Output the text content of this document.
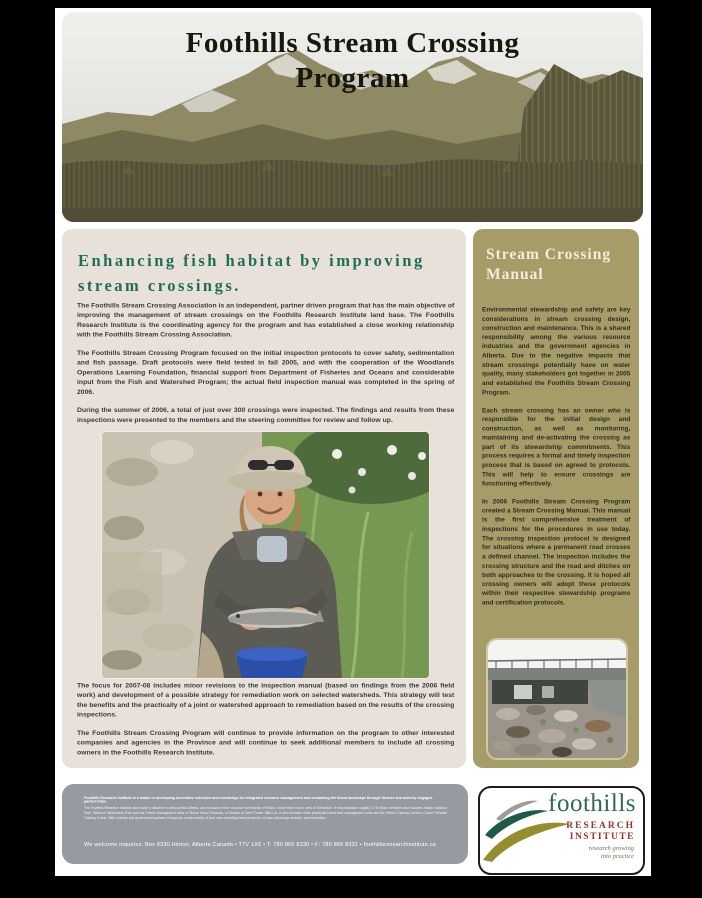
Foothills Stream Crossing
Program
Enhancing fish habitat by improving stream crossings.

The Foothills Stream Crossing Association is an independent, partner driven program that has the main objective of improving the management of stream crossings on the Foothills Research Institute land base. The Foothills Research Institute is the coordinating agency for the program and has established a close working relationship with the Foothills Stream Crossing Association.

The Foothills Stream Crossing Program focused on the initial inspection protocols to cover safety, sedimentation and fish passage. Draft protocols were field tested in fall 2005, and with the cooperation of the Woodlands Operations Learning Foundation, financial support from Department of Fisheries and Oceans and considerable input from the Fish and Watershed Program; the actual field inspection manual was completed in the spring of 2006.

During the summer of 2006, a total of just over 300 crossings were inspected. The findings and results from these inspections were presented to the members and the steering committee for review and follow up.

The focus for 2007-08 includes minor revisions to the inspection manual (based on findings from the 2006 field work) and development of a possible strategy for remediation work on selected watersheds. This strategy will test the benefits and the practically of a joint or watershed approach to remediation based on the results of the crossing inspections.

The Foothills Stream Crossing Program will continue to provide information on the program to other interested companies and agencies in the Province and will continue to seek additional members to include all crossing owners in the Foothills Research Institute.

Stream Crossing Manual

Environmental stewardship and safety are key considerations in stream crossing design, construction and maintenance. This is a shared responsibility among the various resource industries and the government agencies in Alberta. Due to the negative impacts that stream crossings potentially have on water quality, many stakeholders got together in 2005 and established the Foothills Stream Crossing Program.

Each stream crossing has an owner who is responsible for the initial design and construction, as well as monitoring, maintaining and de-activating the crossing as part of its stewardship commitments. This process requires a formal and timely inspection process that is based on agreed to protocols. This will help to ensure crossings are functioning effectively.

In 2006 Foothills Stream Crossing Program created a Stream Crossing Manual. This manual is the first comprehensive treatment of inspections for the procedures in use today. The crossing inspection protocol is designed for situations where a permanent road crosses a defined channel. The inspection includes the crossing structure and the road and ditches on both approaches to the crossing. It is hoped all crossing owners will adopt these protocols within their respective stewardship programs and certification protocols.

Foothills Research Institute is a leader in developing innovative solutions and knowledge for integrated resource management and sustaining the forest landscape through diverse and actively engaged partnerships.
The Foothills Research Institute land base is situated in west-central Alberta, and is based in the resource community of Hinton, some three hours west of Edmonton. It encompasses roughly 2.75 million hectares and includes Jasper National Park, Willmore Wilderness Park and the Forest Management Area of Hinton Wood Products, a Division of West Fraser Mills Ltd. It also includes other provincial forest land management units and the Hinton Training Centre's Cache Percotte Training Forest. With industry and government partners it supports a wide variety of land uses including forest products, oil and natural gas tenures, and recreation.
We welcome inquiries: Box 6330 Hinton, Alberta Canada • T7V 1X6 • T: 780 865 8330 • F: 780 865 8331 • foothillsresearchinstitute.ca
foothills
RESEARCH
INSTITUTE
research growing
into practice
